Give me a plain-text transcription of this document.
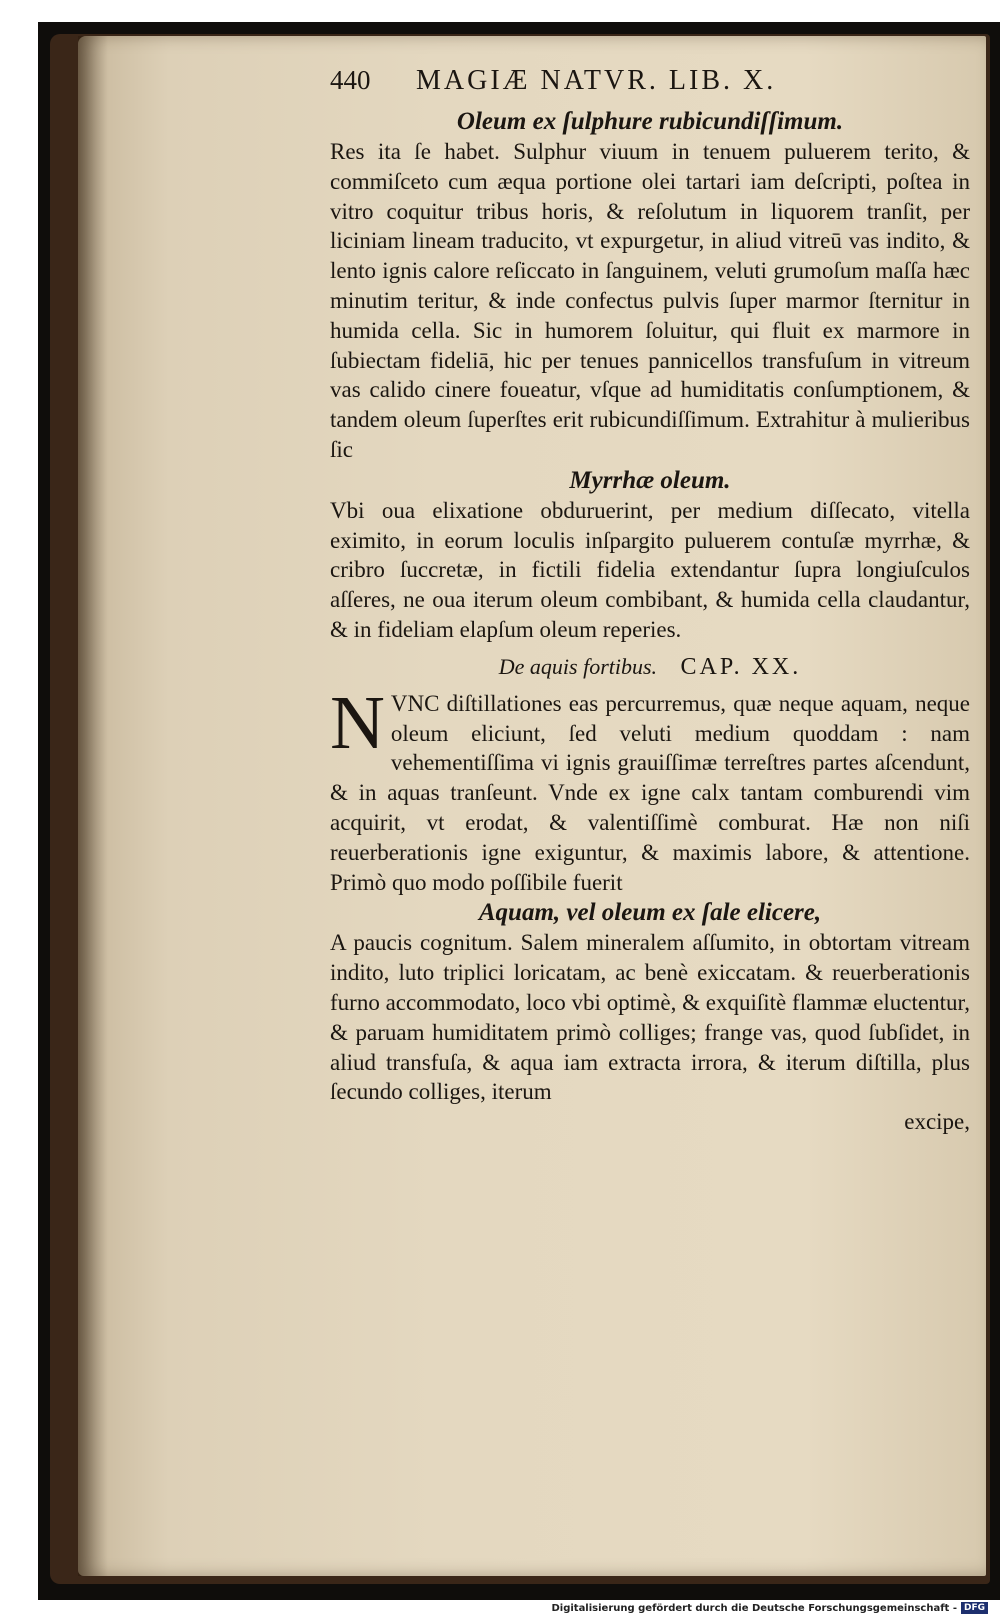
440	MAGIÆ NATVR. LIB. X.
Oleum ex ſulphure rubicundiſſimum.
Res ita ſe habet. Sulphur viuum in tenuem puluerem terito, & commiſceto cum æqua portione olei tartari iam deſcripti, poſtea in vitro coquitur tribus horis, & reſolutum in liquorem tranſit, per liciniam lineam traducito, vt expurgetur, in aliud vitreū vas indito, & lento ignis calore reſiccato in ſanguinem, veluti grumoſum maſſa hæc minutim teritur, & inde confectus pulvis ſuper marmor ſternitur in humida cella. Sic in humorem ſoluitur, qui fluit ex marmore in ſubiectam fideliā, hic per tenues pannicellos transfuſum in vitreum vas calido cinere foueatur, vſque ad humiditatis conſumptionem, & tandem oleum ſuperſtes erit rubicundiſſimum. Extrahitur à mulieribus ſic
Myrrhæ oleum.
Vbi oua elixatione obduruerint, per medium diſſecato, vitella eximito, in eorum loculis inſpargito puluerem contuſæ myrrhæ, & cribro ſuccretæ, in fictili fidelia extendantur ſupra longiuſculos aſſeres, ne oua iterum oleum combibant, & humida cella claudantur, & in fideliam elapſum oleum reperies.
De aquis fortibus. CAP. XX.
N VNC diſtillationes eas percurremus, quæ neque aquam, neque oleum eliciunt, ſed veluti medium quoddam : nam vehementiſſima vi ignis grauiſſimæ terreſtres partes aſcendunt, & in aquas tranſeunt. Vnde ex igne calx tantam comburendi vim acquirit, vt erodat, & valentiſſimè comburat. Hæ non niſi reuerberationis igne exiguntur, & maximis labore, & attentione. Primò quo modo poſſibile fuerit
Aquam, vel oleum ex ſale elicere,
A paucis cognitum. Salem mineralem aſſumito, in obtortam vitream indito, luto triplici loricatam, ac benè exiccatam. & reuerberationis furno accommodato, loco vbi optimè, & exquiſitè flammæ eluctentur, & paruam humiditatem primò colliges; frange vas, quod ſubſidet, in aliud transfuſa, & aqua iam extracta irrora, & iterum diſtilla, plus ſecundo colliges, iterum
excipe,
Digitalisierung gefördert durch die Deutsche Forschungsgemeinschaft - DFG
